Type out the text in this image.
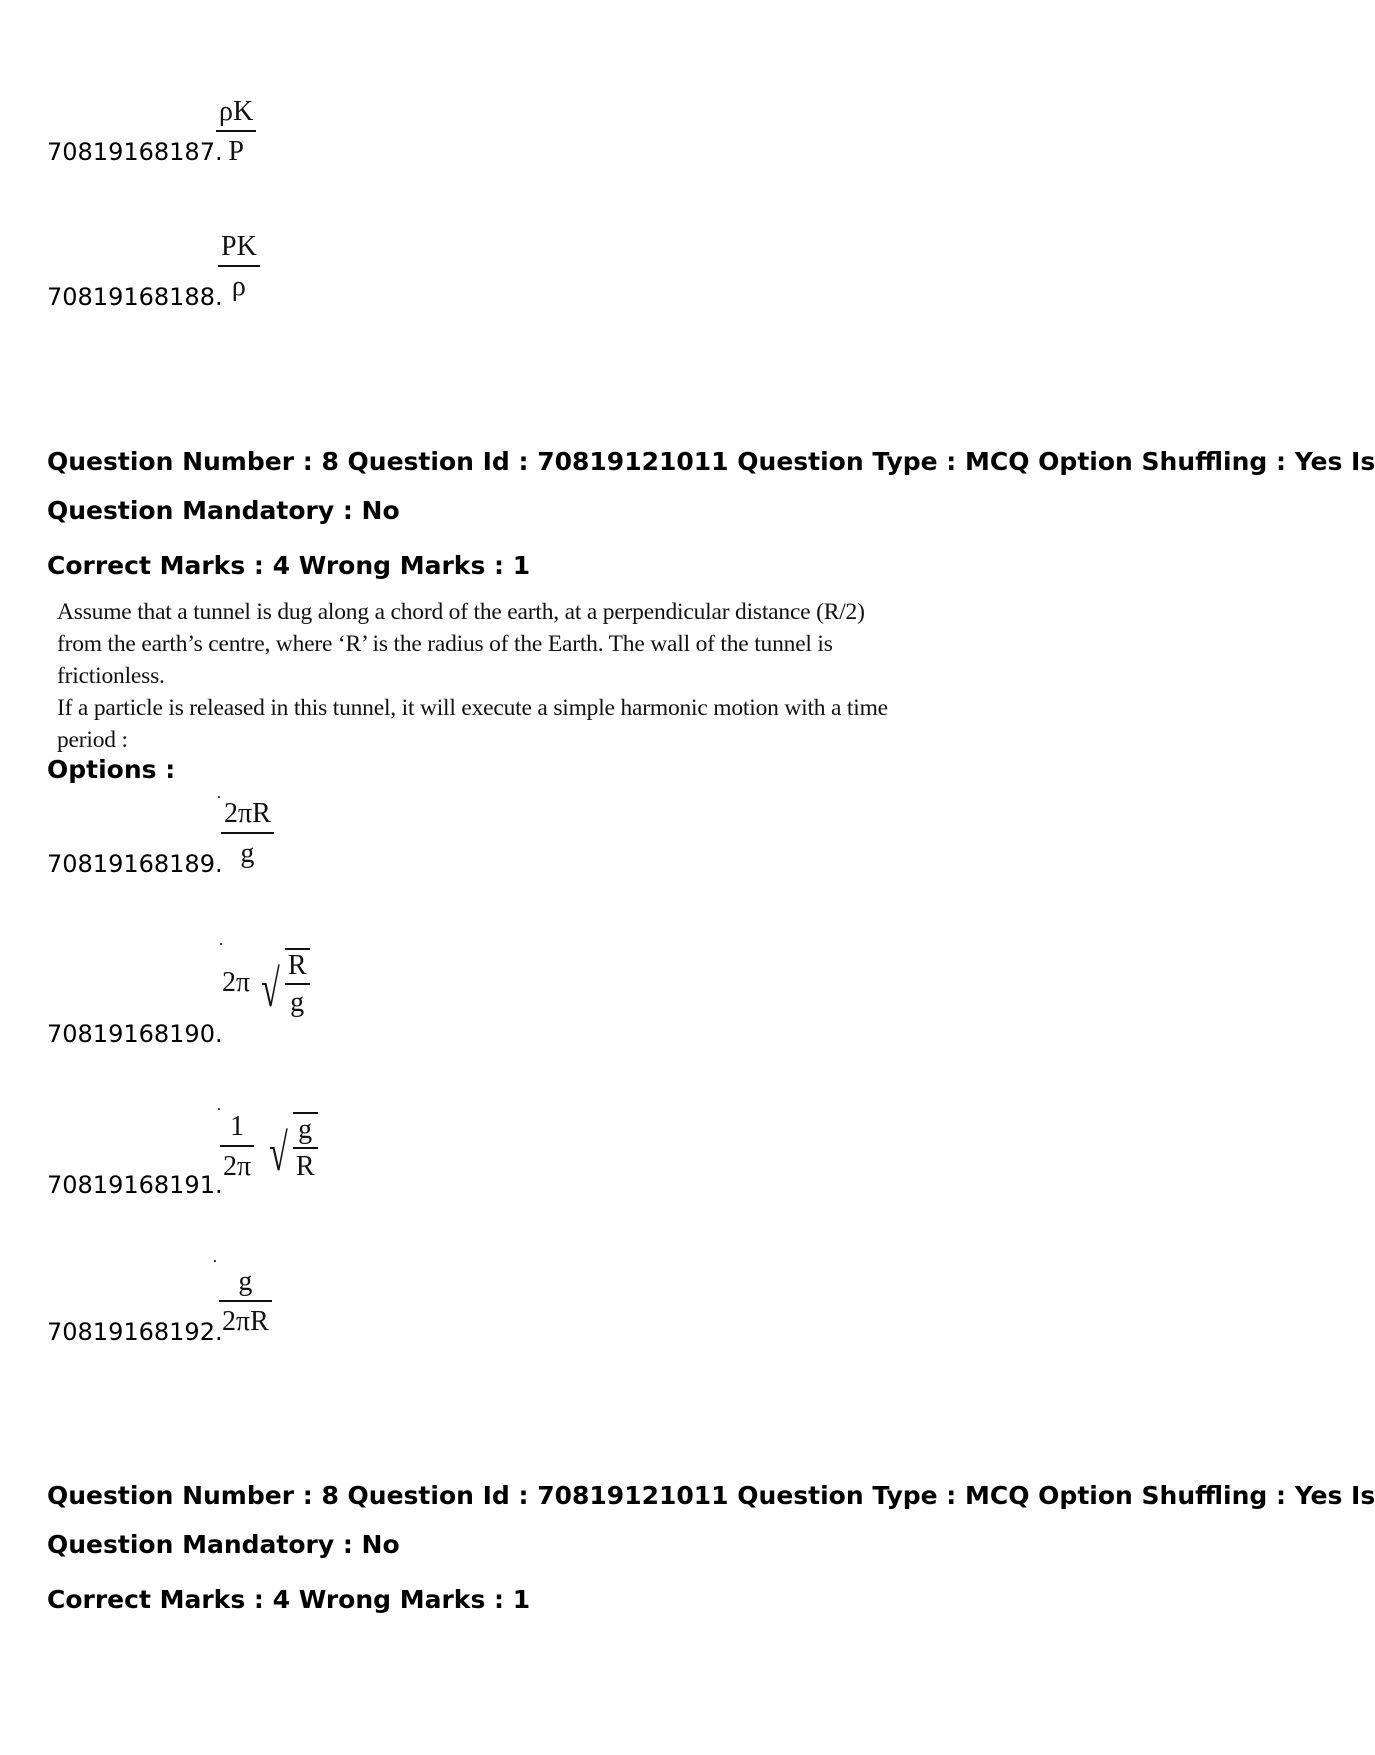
$\frac{\rho K}{P}$
70819168187.
$\frac{PK}{\rho}$
70819168188.
Question Number : 8 Question Id : 70819121011 Question Type : MCQ Option Shuffling : Yes Is
Question Mandatory : No
Correct Marks : 4 Wrong Marks : 1
Assume that a tunnel is dug along a chord of the earth, at a perpendicular distance (R/2)
from the earth’s centre, where ‘R’ is the radius of the Earth. The wall of the tunnel is frictionless.
If a particle is released in this tunnel, it will execute a simple harmonic motion with a time
period :
Options :
$\frac{2\pi R}{g}$
70819168189.
2π √ $\frac{R}{g}$
70819168190.
$\frac{1}{2\pi}$ √ $\frac{g}{R}$
70819168191.
$\frac{g}{2\pi R}$
70819168192.
Question Number : 8 Question Id : 70819121011 Question Type : MCQ Option Shuffling : Yes Is
Question Mandatory : No
Correct Marks : 4 Wrong Marks : 1
